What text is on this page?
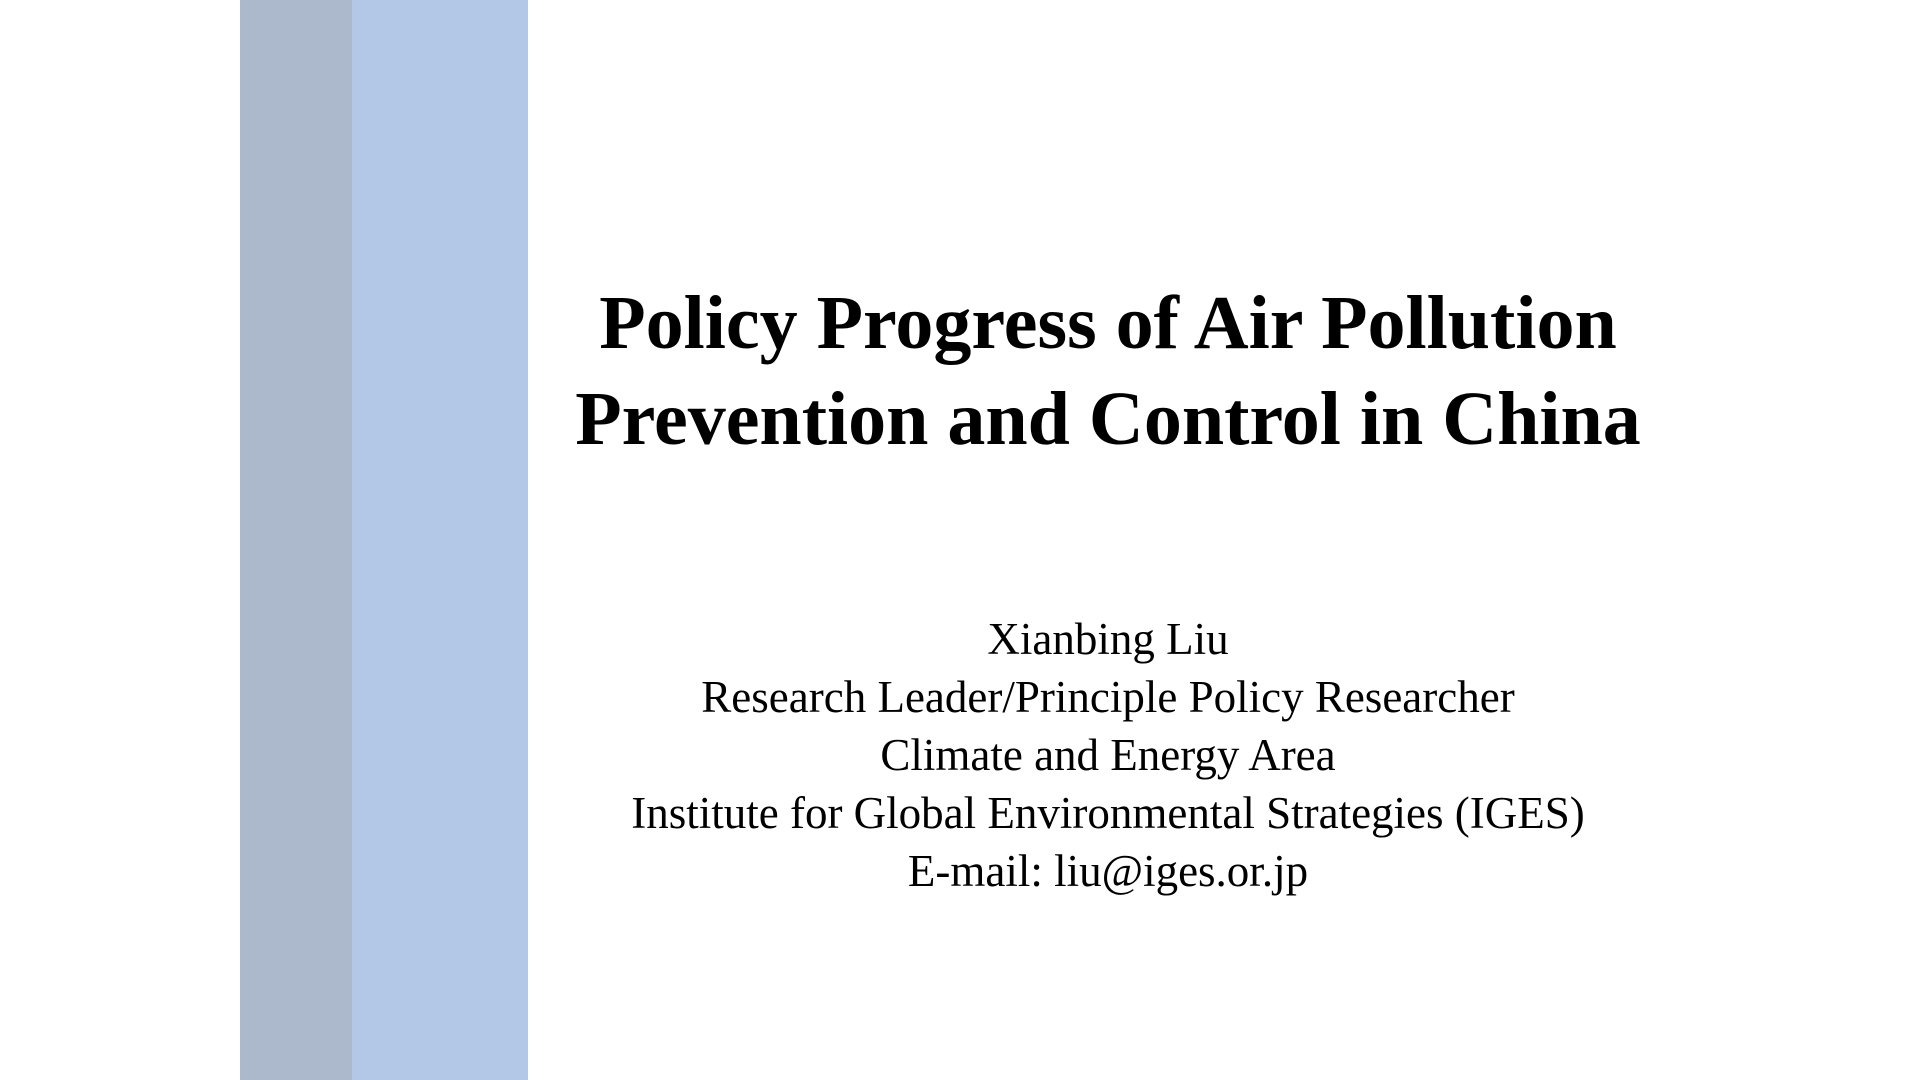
Policy Progress of Air Pollution
Prevention and Control in China
Xianbing Liu
Research Leader/Principle Policy Researcher
Climate and Energy Area
Institute for Global Environmental Strategies (IGES)
E-mail: liu@iges.or.jp
